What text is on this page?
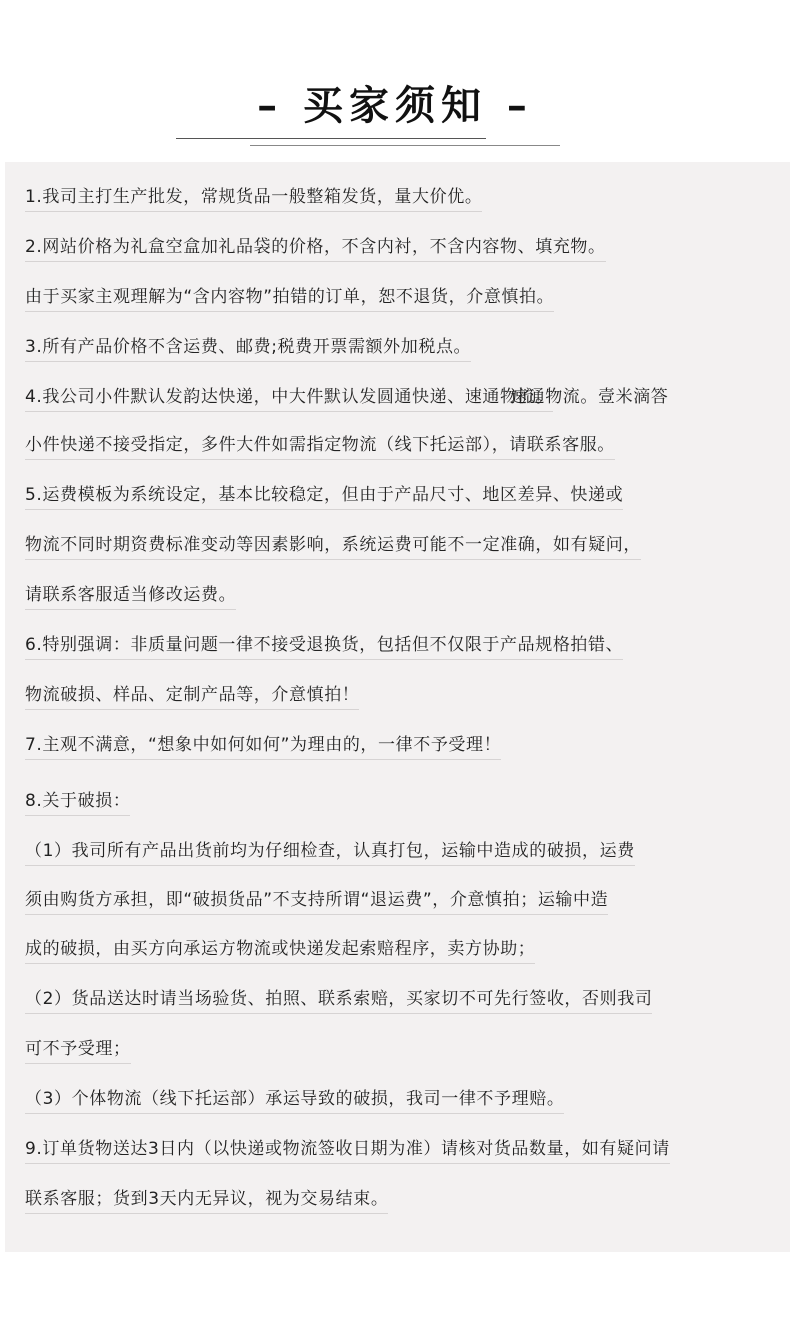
– 买家须知 –
1.我司主打生产批发，常规货品一般整箱发货，量大价优。
2.网站价格为礼盒空盒加礼品袋的价格，不含内衬，不含内容物、填充物。
由于买家主观理解为“含内容物”拍错的订单，恕不退货，介意慎拍。
3.所有产品价格不含运费、邮费;税费开票需额外加税点。
4.我公司小件默认发韵达快递，中大件默认发圆通快递、速通物流。
速通物流。壹米滴答
小件快递不接受指定，多件大件如需指定物流（线下托运部），请联系客服。
5.运费模板为系统设定，基本比较稳定，但由于产品尺寸、地区差异、快递或
物流不同时期资费标准变动等因素影响，系统运费可能不一定准确，如有疑问，
请联系客服适当修改运费。
6.特别强调：非质量问题一律不接受退换货，包括但不仅限于产品规格拍错、
物流破损、样品、定制产品等，介意慎拍！
7.主观不满意，“想象中如何如何”为理由的，一律不予受理！
8.关于破损：
（1）我司所有产品出货前均为仔细检查，认真打包，运输中造成的破损，运费
须由购货方承担，即“破损货品”不支持所谓“退运费”，介意慎拍；运输中造
成的破损，由买方向承运方物流或快递发起索赔程序，卖方协助；
（2）货品送达时请当场验货、拍照、联系索赔，买家切不可先行签收，否则我司
可不予受理；
（3）个体物流（线下托运部）承运导致的破损，我司一律不予理赔。
9.订单货物送达3日内（以快递或物流签收日期为准）请核对货品数量，如有疑问请
联系客服；货到3天内无异议，视为交易结束。
